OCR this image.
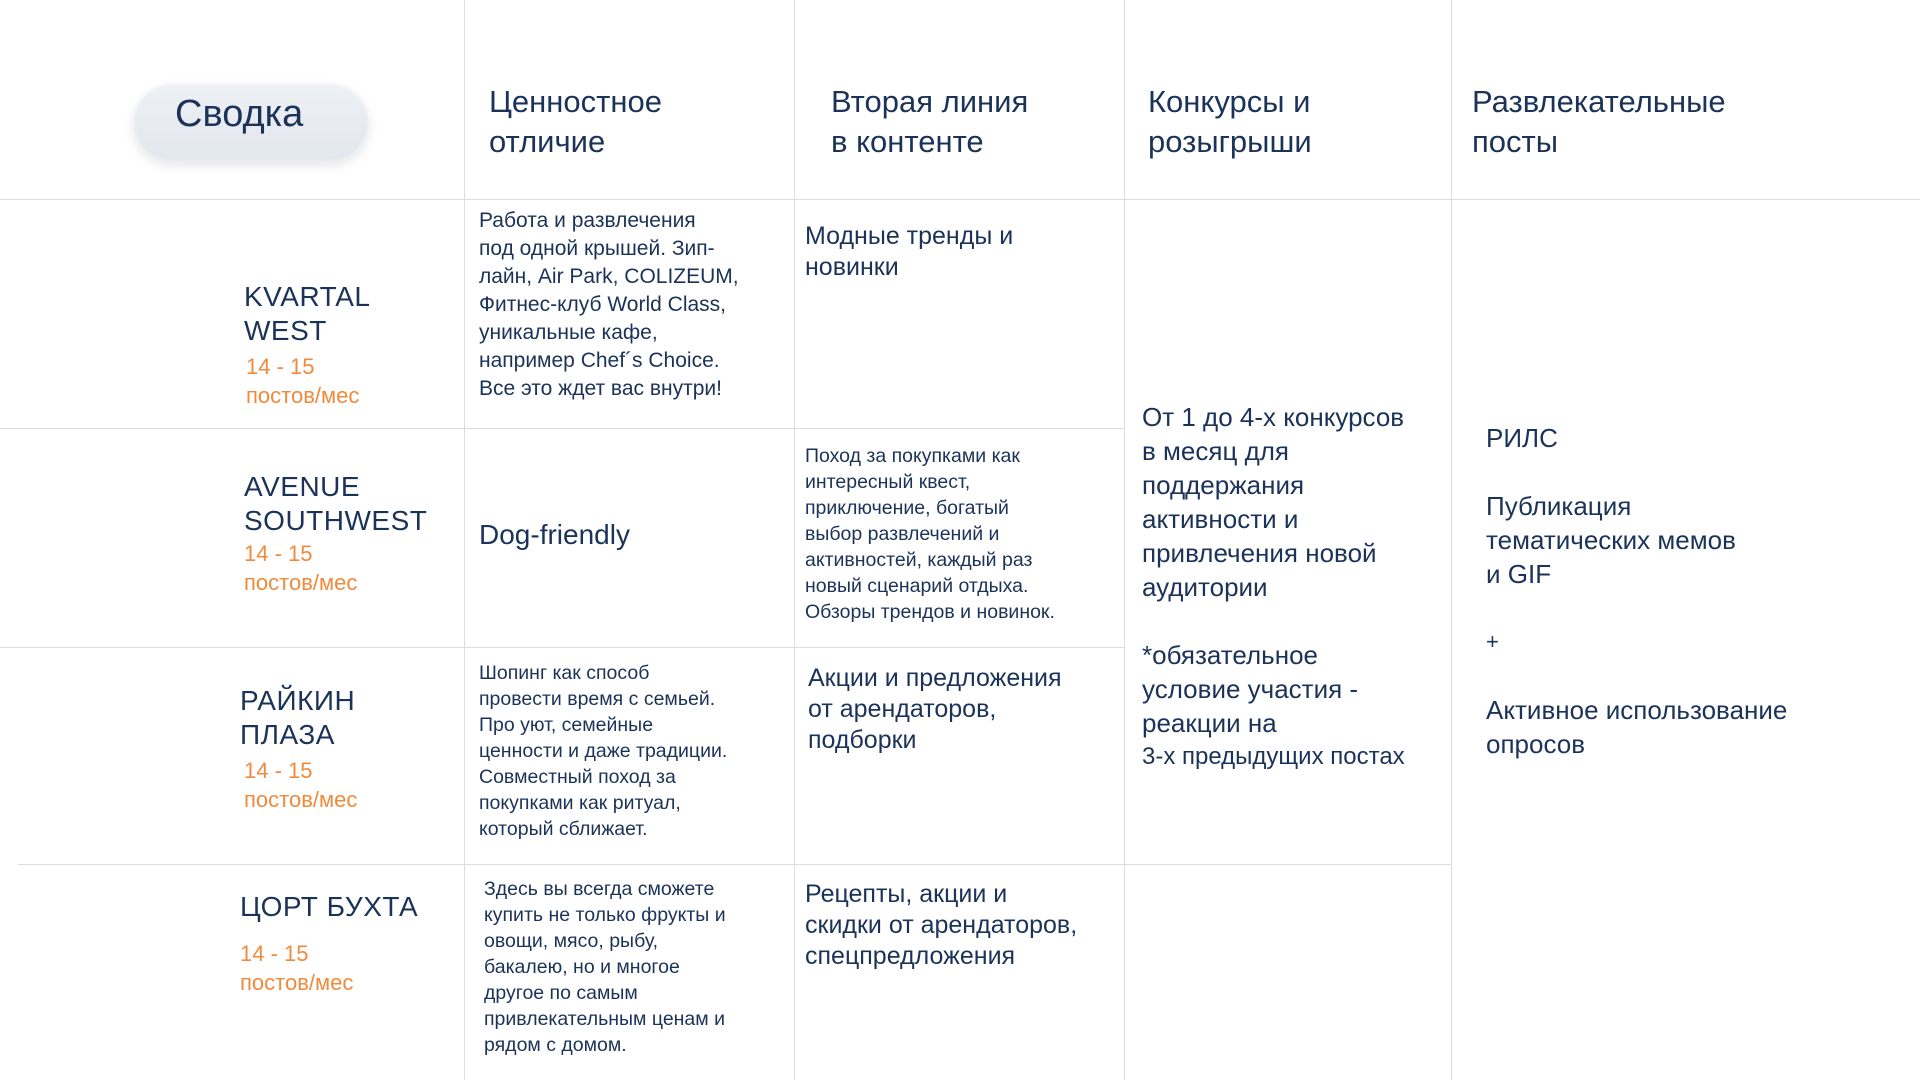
Сводка	Ценностное
отличие
Вторая линия
в контенте
Конкурсы и
розыгрыши
Развлекательные
посты
KVARTAL
WEST
14 - 15
постов/мес
Работа и развлечения
под одной крышей. Зип-
лайн, Air Park, COLIZEUM,
Фитнес-клуб World Class,
уникальные кафе,
например Chef´s Choice.
Все это ждет вас внутри!
Модные тренды и
новинки
AVENUE
SOUTHWEST
14 - 15
постов/мес
Dog-friendly
Поход за покупками как
интересный квест,
приключение, богатый
выбор развлечений и
активностей, каждый раз
новый сценарий отдыха.
Обзоры трендов и новинок.
РАЙКИН
ПЛАЗА
14 - 15
постов/мес
Шопинг как способ
провести время с семьей.
Про уют, семейные
ценности и даже традиции.
Совместный поход за
покупками как ритуал,
который сближает.
Акции и предложения
от арендаторов,
подборки
ЦОРТ БУХТА
14 - 15
постов/мес
Здесь вы всегда сможете
купить не только фрукты и
овощи, мясо, рыбу,
бакалею, но и многое
другое по самым
привлекательным ценам и
рядом с домом.
Рецепты, акции и
скидки от арендаторов,
спецпредложения
От 1 до 4-х конкурсов
в месяц для
поддержания
активности и
привлечения новой
аудитории
*обязательное
условие участия -
реакции на
3-х предыдущих постах
РИЛС
Публикация
тематических мемов
и GIF
+
Активное использование
опросов
